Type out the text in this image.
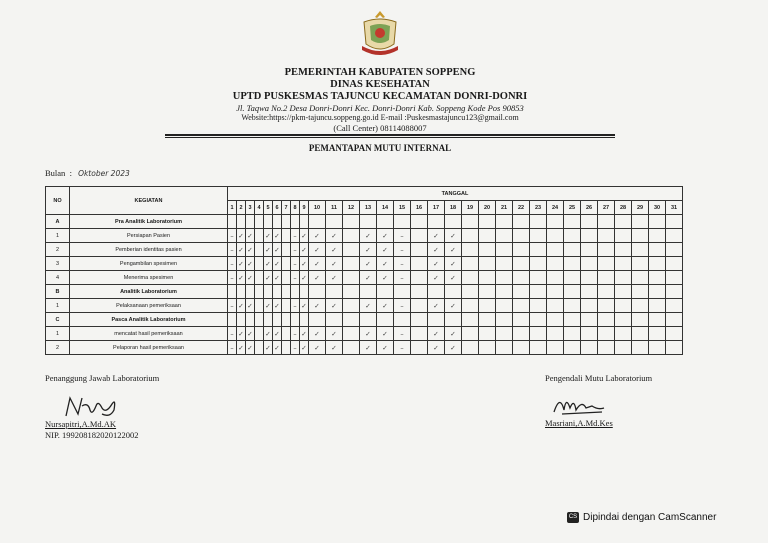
PEMERINTAH KABUPATEN SOPPENG
DINAS KESEHATAN
UPTD PUSKESMAS TAJUNCU KECAMATAN DONRI-DONRI
Jl. Taqwa No.2 Desa Donri-Donri Kec. Donri-Donri Kab. Soppeng Kode Pos 90853
Website:https://pkm-tajuncu.soppeng.go.id E-mail :Puskesmastajuncu123@gmail.com
(Call Center) 08114088007
PEMANTAPAN MUTU INTERNAL
Bulan : Oktober 2023
NO	KEGIATAN	TANGGAL																														
		1	2	3	4	5	6	7	8	9	10	11	12	13	14	15	16	17	18	19	20	21	22	23	24	25	26	27	28	29	30	31
A	Pra Analitik Laboratorium																															
1	Persiapan Pasien	–	✓	✓		✓	✓		–	✓	✓	✓		✓	✓	–		✓	✓													
2	Pemberian identitas pasien	–	✓	✓		✓	✓		–	✓	✓	✓		✓	✓	–		✓	✓													
3	Pengambilan spesimen	–	✓	✓		✓	✓		–	✓	✓	✓		✓	✓	–		✓	✓													
4	Menerima spesimen	–	✓	✓		✓	✓		–	✓	✓	✓		✓	✓	–		✓	✓													
B	Analitik Laboratorium																															
1	Pelaksanaan pemeriksaan	–	✓	✓		✓	✓		–	✓	✓	✓		✓	✓	–		✓	✓													
C	Pasca Analitik Laboratorium																															
1	mencatat hasil pemeriksaan	–	✓	✓		✓	✓		–	✓	✓	✓		✓	✓	–		✓	✓													
2	Pelaporan hasil pemeriksaan	–	✓	✓		✓	✓		–	✓	✓	✓		✓	✓	–		✓	✓													
Penanggung Jawab Laboratorium
Nursapitri,A.Md.AK
NIP. 199208182020122002
Pengendali Mutu Laboratorium
Masriani,A.Md.Kes
CS Dipindai dengan CamScanner
